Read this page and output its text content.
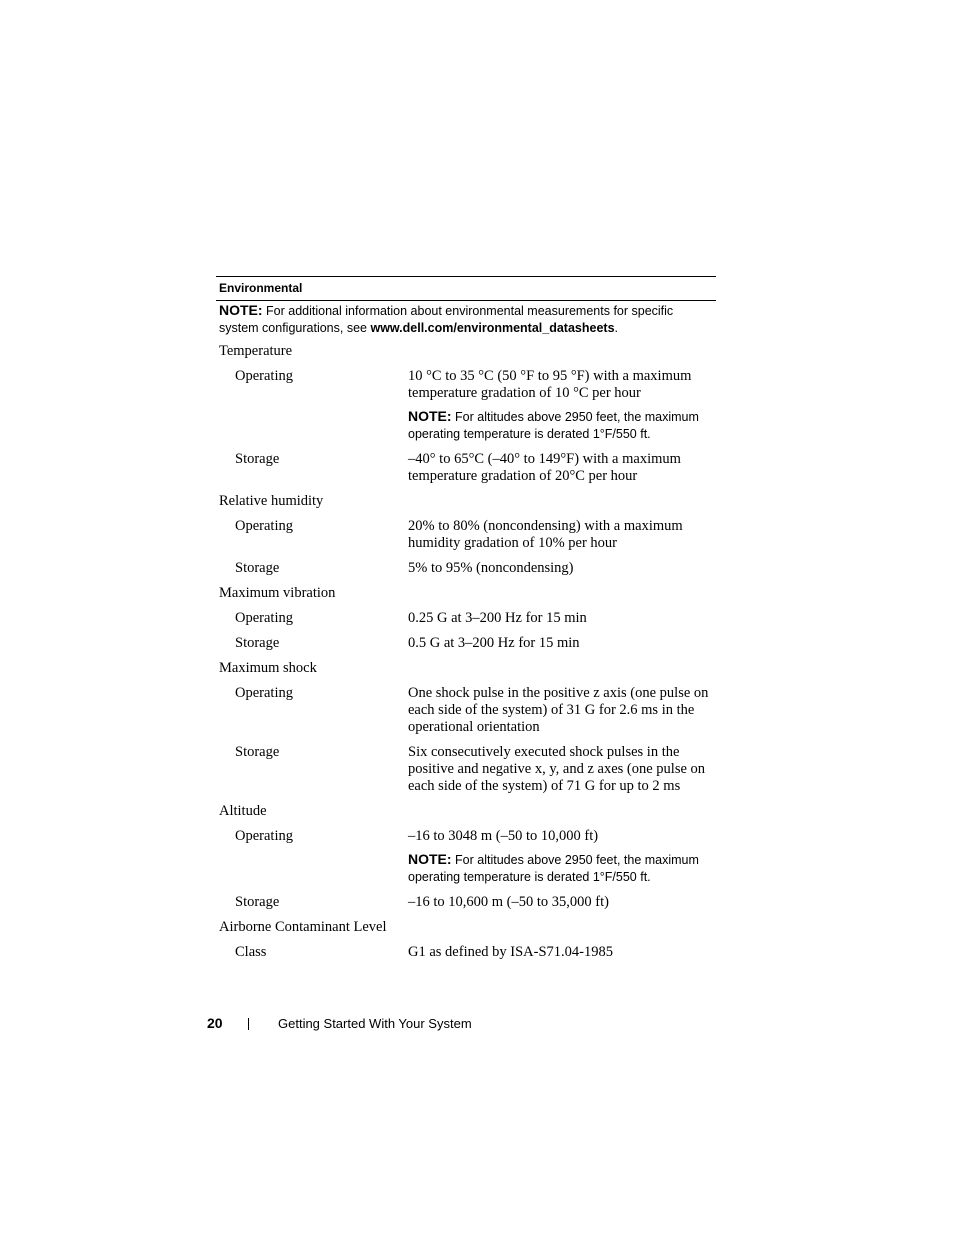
Environmental
NOTE: For additional information about environmental measurements for specific system configurations, see www.dell.com/environmental_datasheets.
Temperature
Operating	10 °C to 35 °C (50 °F to 95 °F) with a maximum temperature gradation of 10 °C per hour
NOTE: For altitudes above 2950 feet, the maximum operating temperature is derated 1°F/550 ft.
Storage	–40° to 65°C (–40° to 149°F) with a maximum temperature gradation of 20°C per hour
Relative humidity
Operating	20% to 80% (noncondensing) with a maximum humidity gradation of 10% per hour
Storage	5% to 95% (noncondensing)
Maximum vibration
Operating	0.25 G at 3–200 Hz for 15 min
Storage	0.5 G at 3–200 Hz for 15 min
Maximum shock
Operating	One shock pulse in the positive z axis (one pulse on each side of the system) of 31 G for 2.6 ms in the operational orientation
Storage	Six consecutively executed shock pulses in the positive and negative x, y, and z axes (one pulse on each side of the system) of 71 G for up to 2 ms
Altitude
Operating	–16 to 3048 m (–50 to 10,000 ft)
NOTE: For altitudes above 2950 feet, the maximum operating temperature is derated 1°F/550 ft.
Storage	–16 to 10,600 m (–50 to 35,000 ft)
Airborne Contaminant Level
Class	G1 as defined by ISA-S71.04-1985
20	Getting Started With Your System
